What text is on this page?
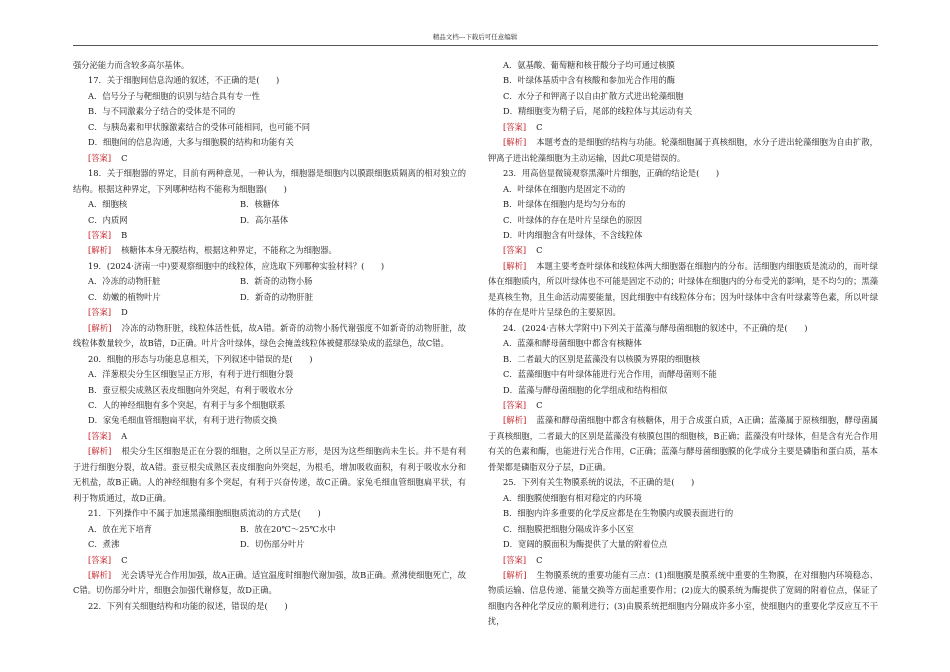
精品文档---下载后可任意编辑

强分泌能力而含较多高尔基体。

17．关于细胞间信息沟通的叙述，不正确的是(　　)

A．信号分子与靶细胞的识别与结合具有专一性
B．与不同激素分子结合的受体是不同的
C．与胰岛素和甲状腺激素结合的受体可能相同，也可能不同
D．细胞间的信息沟通，大多与细胞膜的结构和功能有关
[答案] C

18．关于细胞器的界定，目前有两种意见，一种认为，细胞器是细胞内以膜跟细胞质隔离的相对独立的结构。根据这种界定，下列哪种结构不能称为细胞器(　　)

A．细胞核	B．核糖体
C．内质网	D．高尔基体
[答案] B

[解析] 核糖体本身无膜结构，根据这种界定，不能称之为细胞器。

19．(2024·济南一中)要观察细胞中的线粒体，应选取下列哪种实验材料？(　　)

A．冷冻的动物肝脏	B．新奇的动物小肠
C．幼嫩的植物叶片	D．新奇的动物肝脏
[答案] D

[解析] 冷冻的动物肝脏，线粒体活性低，故A错。新奇的动物小肠代谢强度不如新奇的动物肝脏，故线粒体数量较少，故B错，D正确。叶片含叶绿体，绿色会掩盖线粒体被健那绿染成的蓝绿色，故C错。

20．细胞的形态与功能息息相关，下列叙述中错误的是(　　)

A．洋葱根尖分生区细胞呈正方形，有利于进行细胞分裂
B．蚕豆根尖成熟区表皮细胞向外突起，有利于吸收水分
C．人的神经细胞有多个突起，有利于与多个细胞联系
D．家兔毛细血管细胞扁平状，有利于进行物质交换
[答案] A

[解析] 根尖分生区细胞是正在分裂的细胞，之所以呈正方形，是因为这些细胞尚未生长。并不是有利于进行细胞分裂，故A错。蚕豆根尖成熟区表皮细胞向外突起，为根毛，增加吸收面积，有利于吸收水分和无机盐，故B正确。人的神经细胞有多个突起，有利于兴奋传递，故C正确。家兔毛细血管细胞扁平状，有利于物质通过，故D正确。

21．下列操作中不属于加速黑藻细胞细胞质流动的方式是(　　)

A．放在光下培育	B．放在20℃～25℃水中
C．煮沸	D．切伤部分叶片
[答案] C

[解析] 光会诱导光合作用加强，故A正确。适宜温度时细胞代谢加强，故B正确。煮沸使细胞死亡，故C错。切伤部分叶片，细胞会加强代谢修复，故D正确。

22．下列有关细胞结构和功能的叙述，错误的是(　　)

A．氨基酸、葡萄糖和核苷酸分子均可通过核膜
B．叶绿体基质中含有核酸和参加光合作用的酶
C．水分子和钾离子以自由扩散方式进出轮藻细胞
D．精细胞变为精子后，尾部的线粒体与其运动有关
[答案] C

[解析] 本题考查的是细胞的结构与功能。轮藻细胞属于真核细胞，水分子进出轮藻细胞为自由扩散，钾离子进出轮藻细胞为主动运输，因此C项是错误的。

23．用高倍显微镜观察黑藻叶片细胞，正确的结论是(　　)

A．叶绿体在细胞内是固定不动的
B．叶绿体在细胞内是均匀分布的
C．叶绿体的存在是叶片呈绿色的原因
D．叶肉细胞含有叶绿体，不含线粒体
[答案] C

[解析] 本题主要考查叶绿体和线粒体两大细胞器在细胞内的分布。活细胞内细胞质是流动的，而叶绿体在细胞质内，所以叶绿体也不可能是固定不动的；叶绿体在细胞内的分布受光的影响，是不均匀的；黑藻是真核生物，且生命活动需要能量，因此细胞中有线粒体分布；因为叶绿体中含有叶绿素等色素，所以叶绿体的存在是叶片呈绿色的主要原因。

24．(2024·吉林大学附中)下列关于蓝藻与酵母菌细胞的叙述中，不正确的是(　　)

A．蓝藻和酵母菌细胞中都含有核糖体
B．二者最大的区别是蓝藻没有以核膜为界限的细胞核
C．蓝藻细胞中有叶绿体能进行光合作用，而酵母菌则不能
D．蓝藻与酵母菌细胞的化学组成和结构相似
[答案] C

[解析] 蓝藻和酵母菌细胞中都含有核糖体，用于合成蛋白质，A正确；蓝藻属于原核细胞，酵母菌属于真核细胞，二者最大的区别是蓝藻没有核膜包围的细胞核，B正确；蓝藻没有叶绿体，但是含有光合作用有关的色素和酶，也能进行光合作用，C正确；蓝藻与酵母菌细胞膜的化学成分主要是磷脂和蛋白质，基本骨架都是磷脂双分子层，D正确。

25．下列有关生物膜系统的说法，不正确的是(　　)

A．细胞膜使细胞有相对稳定的内环境
B．细胞内许多重要的化学反应都是在生物膜内或膜表面进行的
C．细胞膜把细胞分隔成许多小区室
D．宽阔的膜面积为酶提供了大量的附着位点
[答案] C

[解析] 生物膜系统的重要功能有三点：(1)细胞膜是膜系统中重要的生物膜，在对细胞内环境稳态、物质运输、信息传递、能量交换等方面起重要作用；(2)庞大的膜系统为酶提供了宽阔的附着位点，保证了细胞内各种化学反应的顺利进行；(3)由膜系统把细胞内分隔成许多小室，使细胞内的重要化学反应互不干扰，
